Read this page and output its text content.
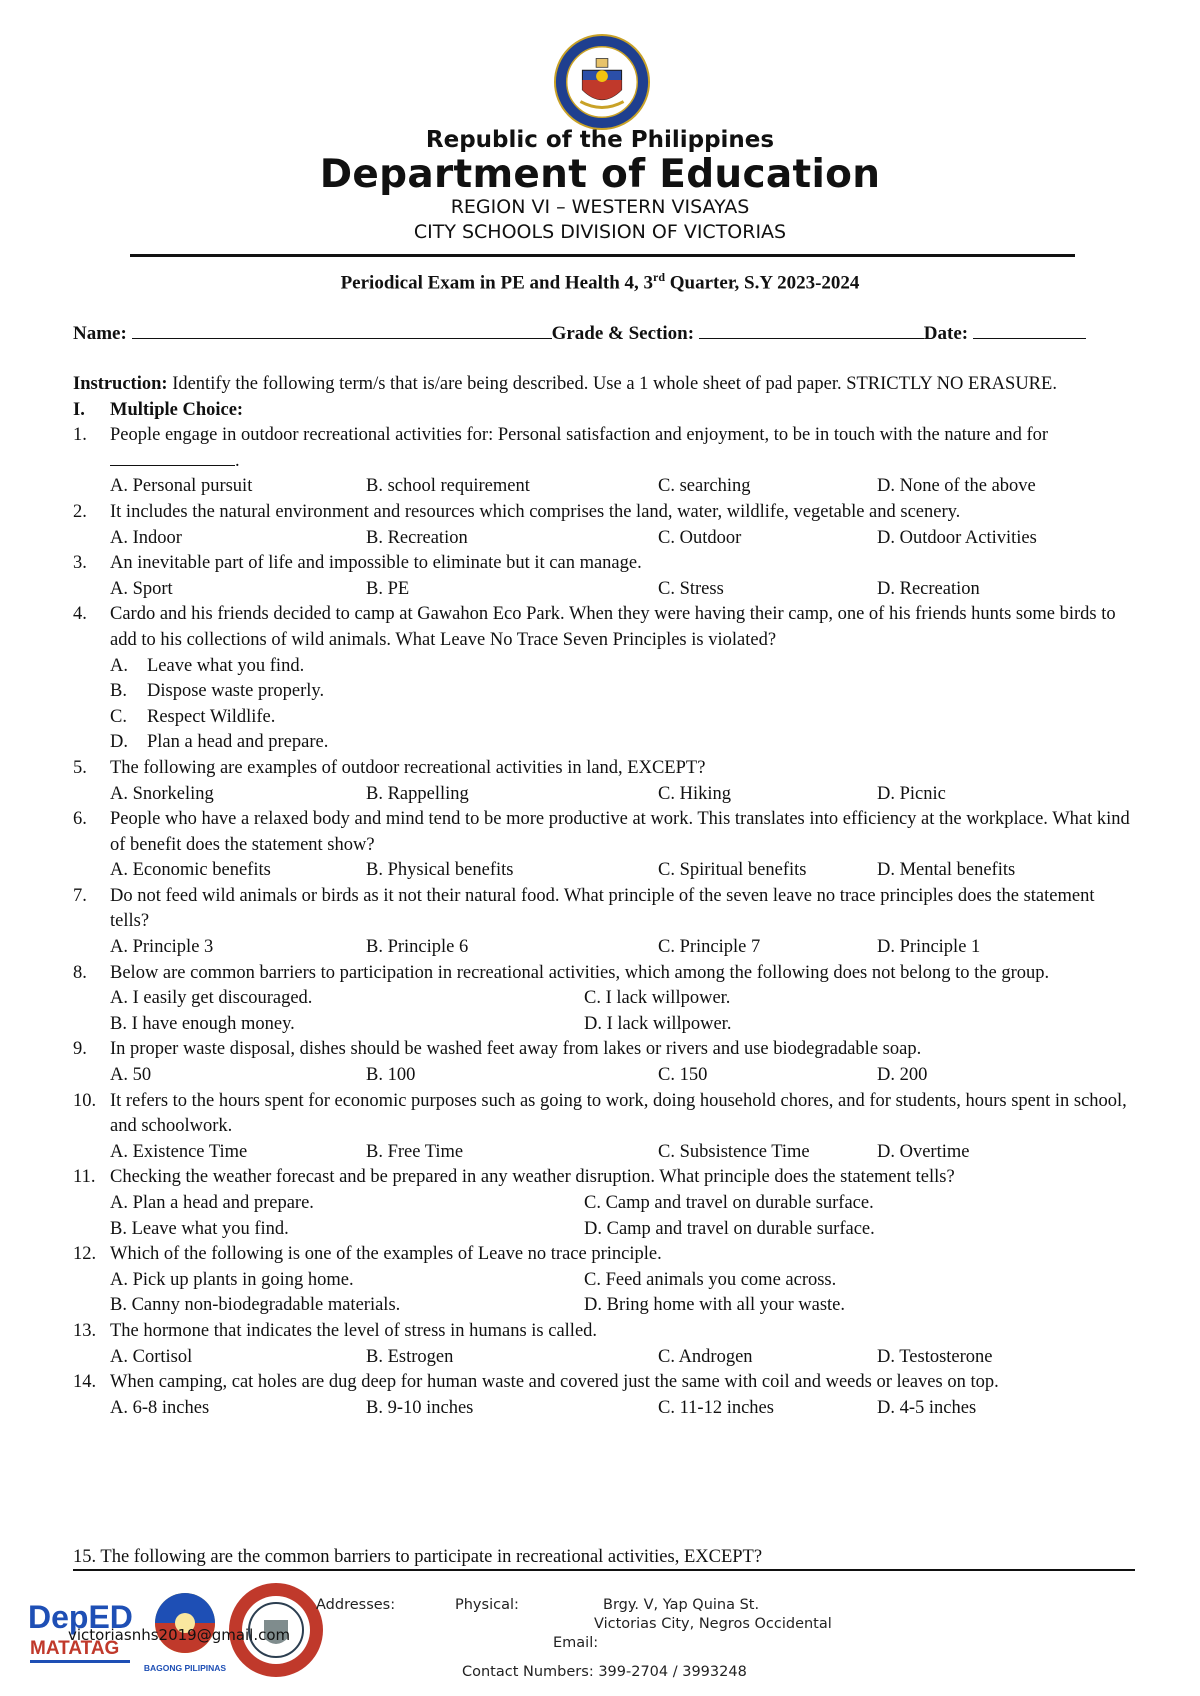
Republic of the Philippines
Department of Education
REGION VI – WESTERN VISAYAS
CITY SCHOOLS DIVISION OF VICTORIAS
Periodical Exam in PE and Health 4, 3rd Quarter, S.Y 2023-2024
Name:	Grade & Section:	Date:

Instruction: Identify the following term/s that is/are being described. Use a 1 whole sheet of pad paper. STRICTLY NO ERASURE.

I. Multiple Choice:

1. People engage in outdoor recreational activities for: Personal satisfaction and enjoyment, to be in touch with the nature and for .

A. Personal pursuit	B. school requirement	C. searching	D. None of the above

2. It includes the natural environment and resources which comprises the land, water, wildlife, vegetable and scenery.

A. Indoor	B. Recreation	C. Outdoor	D. Outdoor Activities

3. An inevitable part of life and impossible to eliminate but it can manage.

A. Sport	B. PE	C. Stress	D. Recreation

4. Cardo and his friends decided to camp at Gawahon Eco Park. When they were having their camp, one of his friends hunts some birds to add to his collections of wild animals. What Leave No Trace Seven Principles is violated?

A. Leave what you find.
B. Dispose waste properly.
C. Respect Wildlife.
D. Plan a head and prepare.

5. The following are examples of outdoor recreational activities in land, EXCEPT?

A. Snorkeling	B. Rappelling	C. Hiking	D. Picnic

6. People who have a relaxed body and mind tend to be more productive at work. This translates into efficiency at the workplace. What kind of benefit does the statement show?

A. Economic benefits	B. Physical benefits	C. Spiritual benefits	D. Mental benefits

7. Do not feed wild animals or birds as it not their natural food. What principle of the seven leave no trace principles does the statement tells?

A. Principle 3	B. Principle 6	C. Principle 7	D. Principle 1

8. Below are common barriers to participation in recreational activities, which among the following does not belong to the group.

A. I easily get discouraged.	C. I lack willpower.
B. I have enough money.	D. I lack willpower.

9. In proper waste disposal, dishes should be washed feet away from lakes or rivers and use biodegradable soap.

A. 50	B. 100	C. 150	D. 200

10. It refers to the hours spent for economic purposes such as going to work, doing household chores, and for students, hours spent in school, and schoolwork.

A. Existence Time	B. Free Time	C. Subsistence Time	D. Overtime

11. Checking the weather forecast and be prepared in any weather disruption. What principle does the statement tells?

A. Plan a head and prepare.	C. Camp and travel on durable surface.
B. Leave what you find.	D. Camp and travel on durable surface.

12. Which of the following is one of the examples of Leave no trace principle.

A. Pick up plants in going home.	C. Feed animals you come across.
B. Canny non-biodegradable materials.	D. Bring home with all your waste.

13. The hormone that indicates the level of stress in humans is called.

A. Cortisol	B. Estrogen	C. Androgen	D. Testosterone

14. When camping, cat holes are dug deep for human waste and covered just the same with coil and weeds or leaves on top.

A. 6-8 inches	B. 9-10 inches	C. 11-12 inches	D. 4-5 inches
15. The following are the common barriers to participate in recreational activities, EXCEPT?
DepED
MATATAG
BAGONG PILIPINAS
Addresses:	Physical:	Brgy. V, Yap Quina St.
Victorias City, Negros Occidental
Email:
victoriasnhs2019@gmail.com
Contact Numbers: 399-2704 / 3993248
